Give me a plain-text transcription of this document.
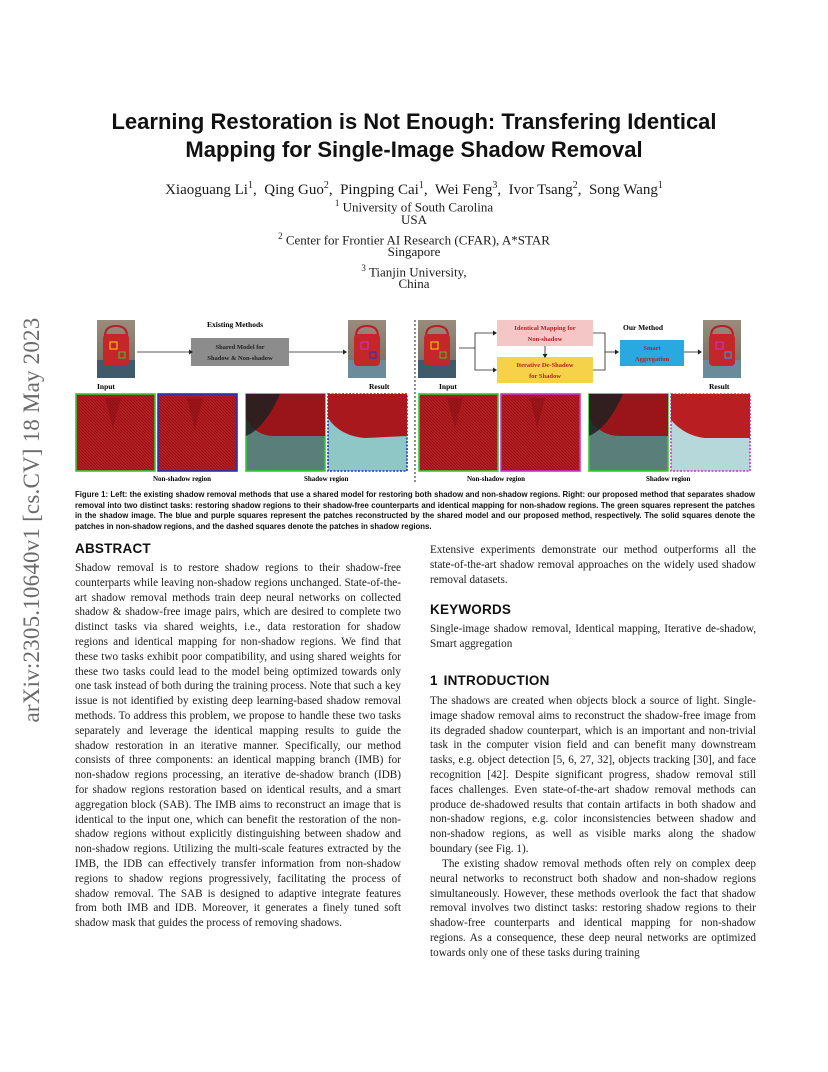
arXiv:2305.10640v1 [cs.CV] 18 May 2023
Learning Restoration is Not Enough: Transfering Identical
Mapping for Single-Image Shadow Removal
Xiaoguang Li$^1$,  Qing Guo$^2$,  Pingping Cai$^1$,  Wei Feng$^3$,  Ivor Tsang$^2$,  Song Wang$^1$
$^1$ University of South Carolina
USA
$^2$ Center for Frontier AI Research (CFAR), A*STAR
Singapore
$^3$ Tianjin University,
China
Input
Existing Methods
Shared Model for
Shadow & Non-shadow
Result	Input
Identical Mapping for
Non-shadow
Iterative De-Shadow
for Shadow
Our Method
Smart
Aggregation
Result
Non-shadow region	Shadow region	Non-shadow region	Shadow region
Figure 1: Left: the existing shadow removal methods that use a shared model for restoring both shadow and non-shadow regions. Right: our proposed method that separates shadow removal into two distinct tasks: restoring shadow regions to their shadow-free counterparts and identical mapping for non-shadow regions. The green squares represent the patches in the shadow image. The blue and purple squares represent the patches reconstructed by the shared model and our proposed method, respectively. The solid squares denote the patches in non-shadow regions, and the dashed squares denote the patches in shadow regions.
ABSTRACT
Shadow removal is to restore shadow regions to their shadow-free counterparts while leaving non-shadow regions unchanged. State-of-the-art shadow removal methods train deep neural networks on collected shadow & shadow-free image pairs, which are desired to complete two distinct tasks via shared weights, i.e., data restoration for shadow regions and identical mapping for non-shadow regions. We find that these two tasks exhibit poor compatibility, and using shared weights for these two tasks could lead to the model being optimized towards only one task instead of both during the training process. Note that such a key issue is not identified by existing deep learning-based shadow removal methods. To address this problem, we propose to handle these two tasks separately and leverage the identical mapping results to guide the shadow restoration in an iterative manner. Specifically, our method consists of three components: an identical mapping branch (IMB) for non-shadow regions processing, an iterative de-shadow branch (IDB) for shadow regions restoration based on identical results, and a smart aggregation block (SAB). The IMB aims to reconstruct an image that is identical to the input one, which can benefit the restoration of the non-shadow regions without explicitly distinguishing between shadow and non-shadow regions. Utilizing the multi-scale features extracted by the IMB, the IDB can effectively transfer information from non-shadow regions to shadow regions progressively, facilitating the process of shadow removal. The SAB is designed to adaptive integrate features from both IMB and IDB. Moreover, it generates a finely tuned soft shadow mask that guides the process of removing shadows.
Extensive experiments demonstrate our method outperforms all the state-of-the-art shadow removal approaches on the widely used shadow removal datasets.
KEYWORDS
Single-image shadow removal, Identical mapping, Iterative de-shadow, Smart aggregation
1 INTRODUCTION
The shadows are created when objects block a source of light. Single-image shadow removal aims to reconstruct the shadow-free image from its degraded shadow counterpart, which is an important and non-trivial task in the computer vision field and can benefit many downstream tasks, e.g. object detection [5, 6, 27, 32], objects tracking [30], and face recognition [42]. Despite significant progress, shadow removal still faces challenges. Even state-of-the-art shadow removal methods can produce de-shadowed results that contain artifacts in both shadow and non-shadow regions, e.g. color inconsistencies between shadow and non-shadow regions, as well as visible marks along the shadow boundary (see Fig. 1).
The existing shadow removal methods often rely on complex deep neural networks to reconstruct both shadow and non-shadow regions simultaneously. However, these methods overlook the fact that shadow removal involves two distinct tasks: restoring shadow regions to their shadow-free counterparts and identical mapping for non-shadow regions. As a consequence, these deep neural networks are optimized towards only one of these tasks during training
